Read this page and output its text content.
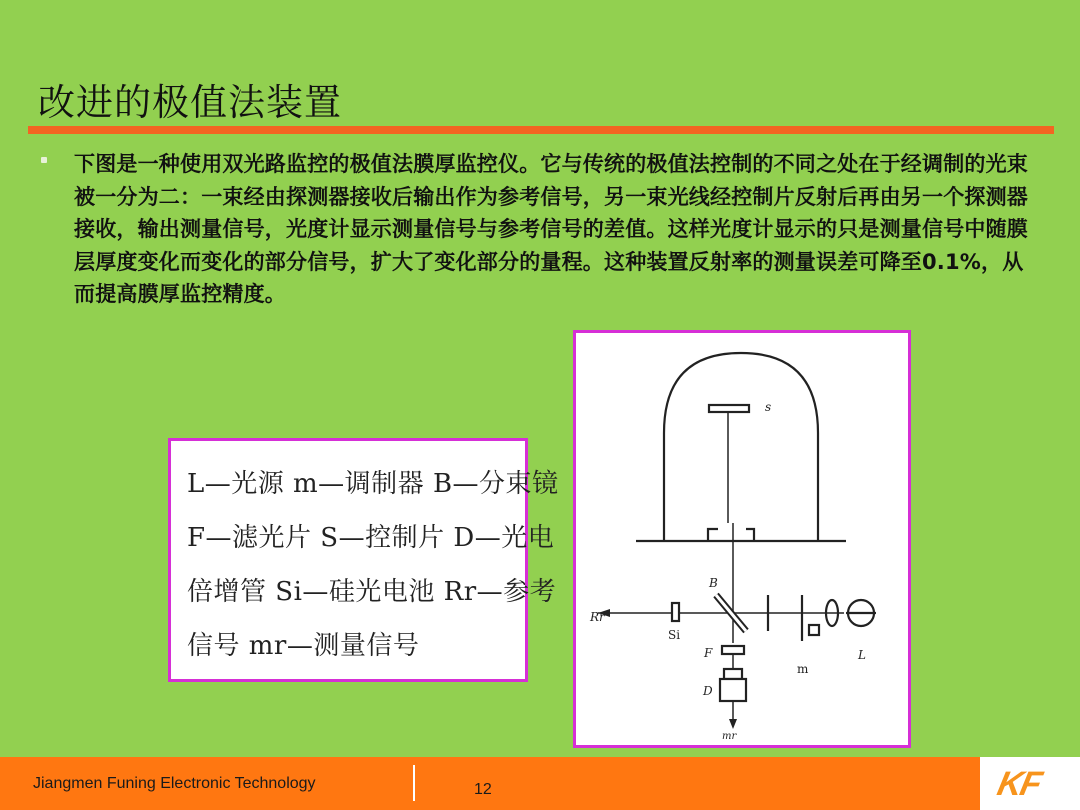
改进的极值法装置
下图是一种使用双光路监控的极值法膜厚监控仪。它与传统的极值法控制的不同之处在于经调制的光束被一分为二：一束经由探测器接收后输出作为参考信号，另一束光线经控制片反射后再由另一个探测器接收，输出测量信号，光度计显示测量信号与参考信号的差值。这样光度计显示的只是测量信号中随膜层厚度变化而变化的部分信号，扩大了变化部分的量程。这种装置反射率的测量误差可降至0.1%，从而提高膜厚监控精度。
L—光源 m—调制器 B—分束镜
F—滤光片 S—控制片 D—光电
倍增管 Si—硅光电池 Rr—参考
信号 mr—测量信号
s
B
Rr
Si
F
m
L
D
mr
Jiangmen Funing Electronic Technology	12	KF
